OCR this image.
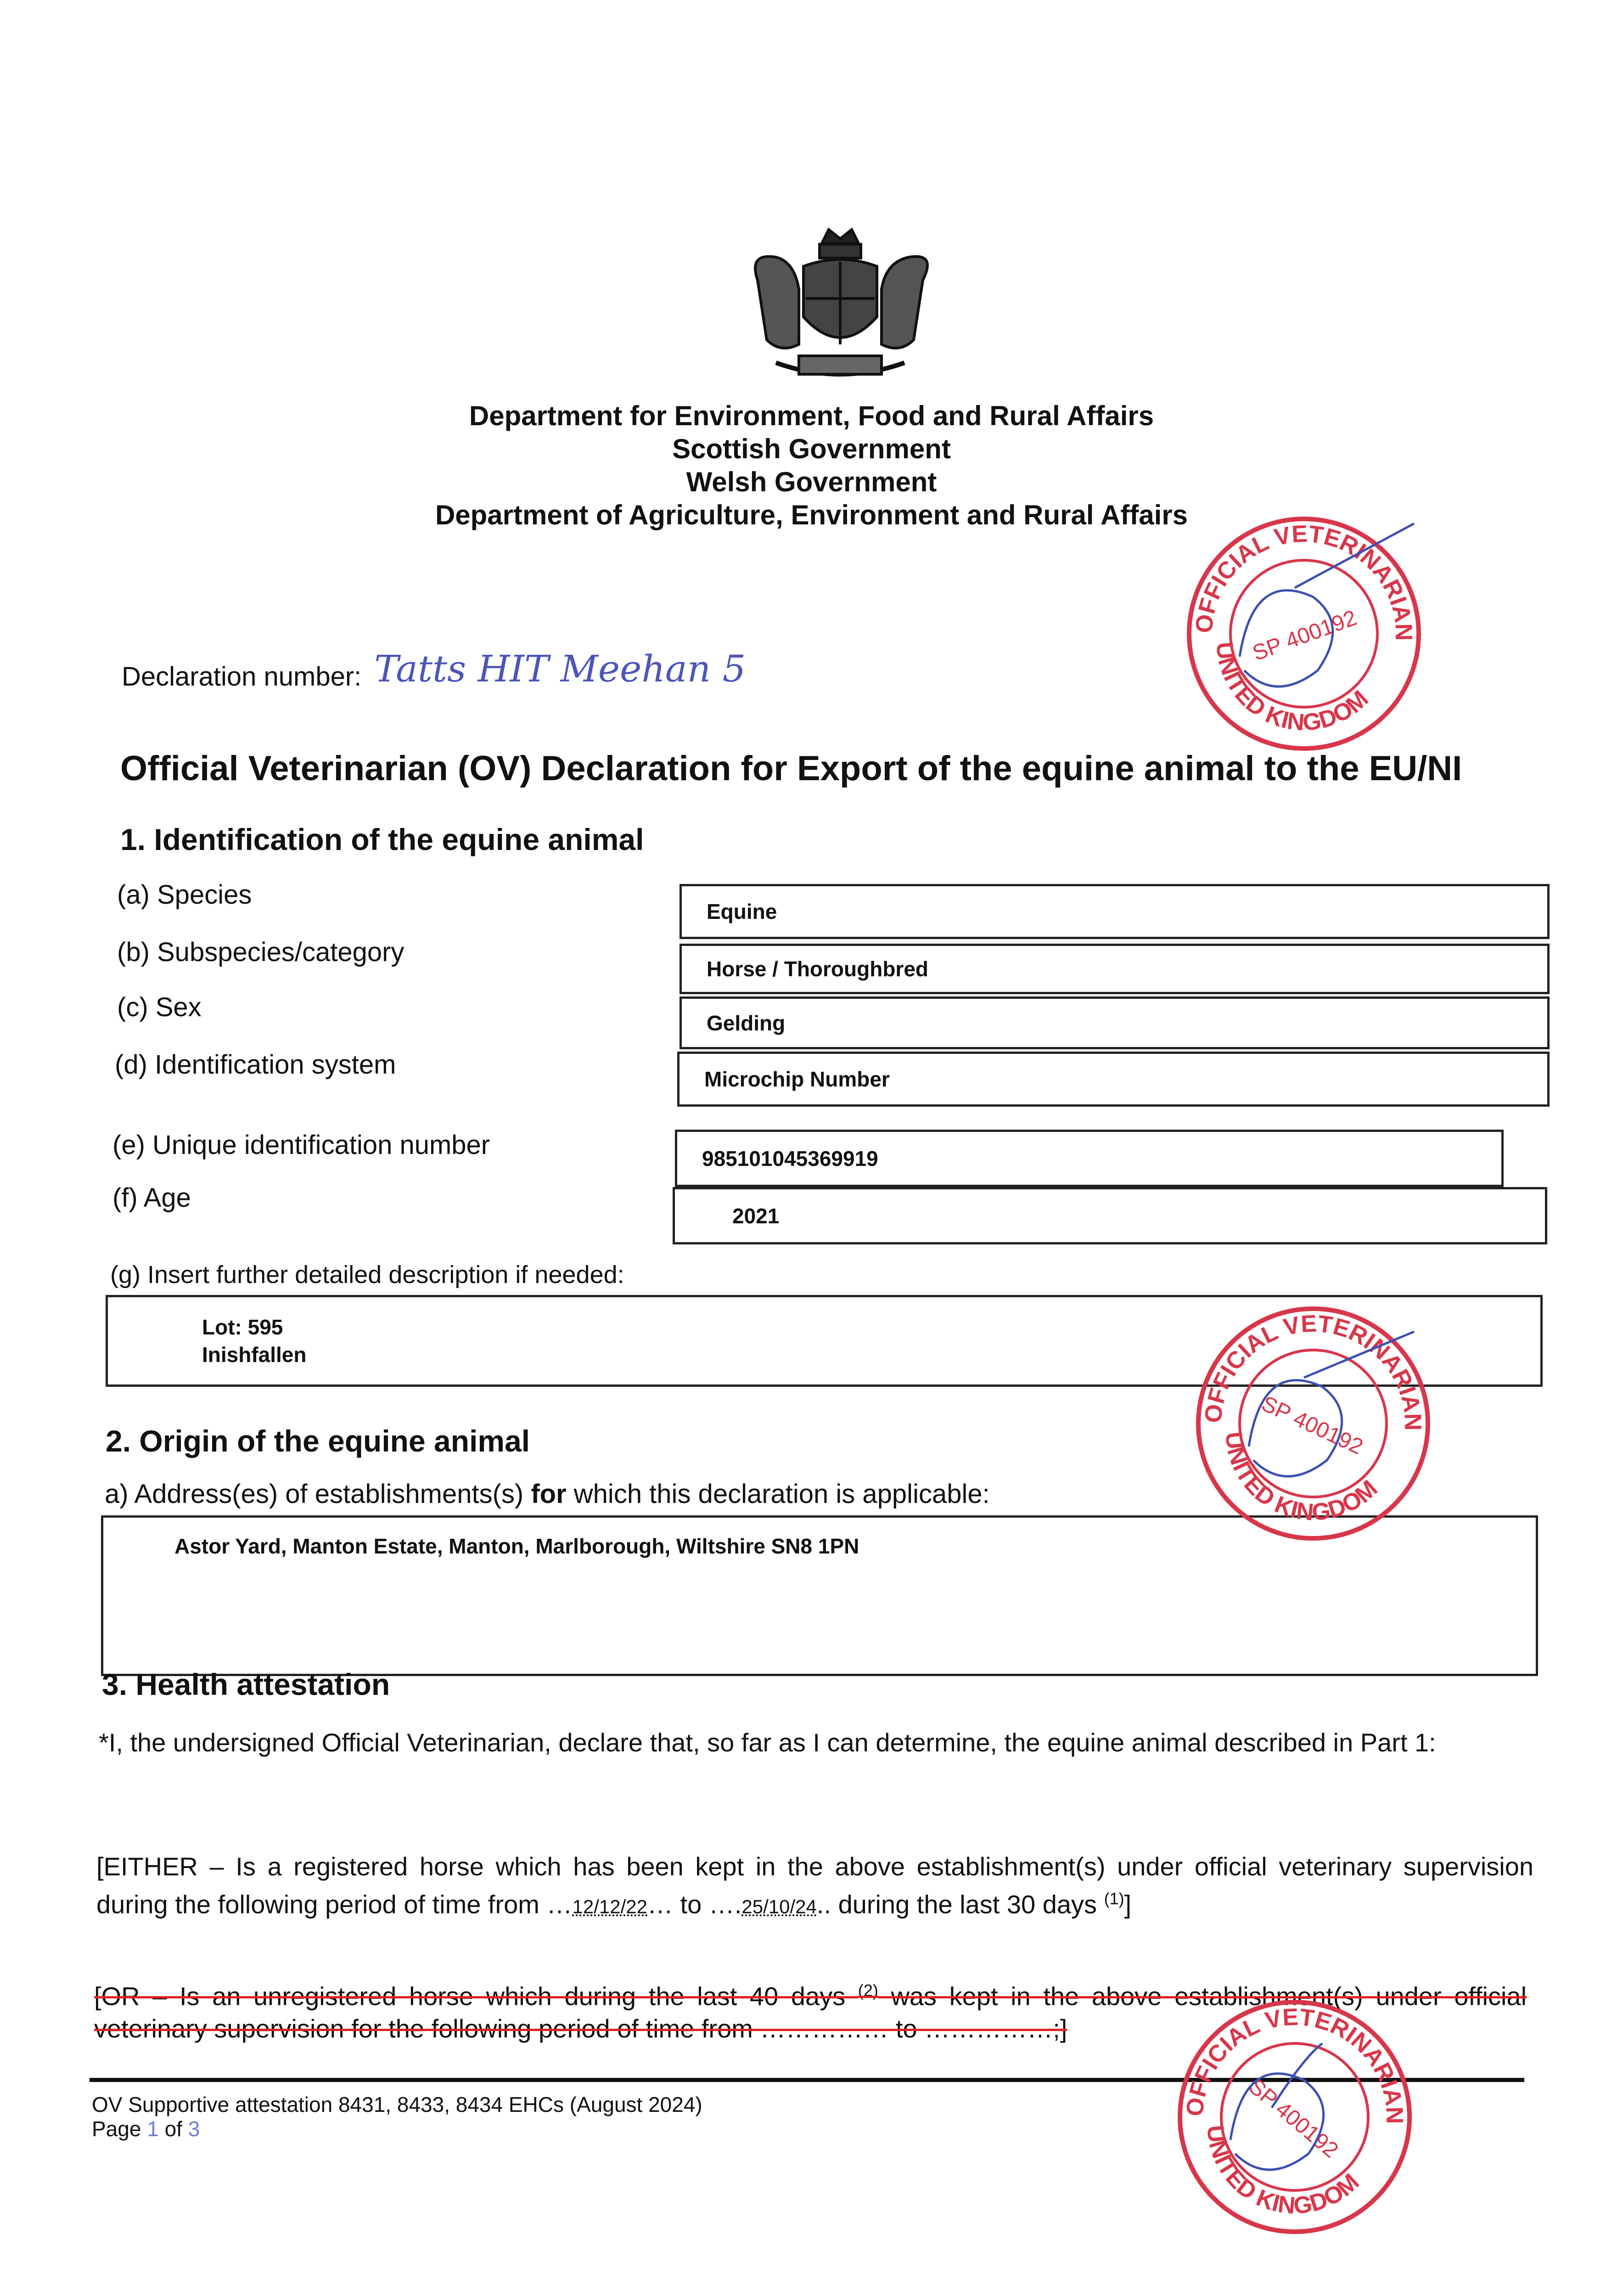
Department for Environment, Food and Rural Affairs
Scottish Government
Welsh Government
Department of Agriculture, Environment and Rural Affairs
Declaration number: Tatts HIT Meehan 5
Official Veterinarian (OV) Declaration for Export of the equine animal to the EU/NI
1. Identification of the equine animal
(a) Species
Equine
(b) Subspecies/category
Horse / Thoroughbred
(c) Sex
Gelding
(d) Identification system	Microchip Number
(e) Unique identification number	985101045369919
(f) Age
2021
(g) Insert further detailed description if needed:
Lot: 595
Inishfallen
2. Origin of the equine animal
a) Address(es) of establishments(s) for which this declaration is applicable:
Astor Yard, Manton Estate, Manton, Marlborough, Wiltshire SN8 1PN
3. Health attestation
*I, the undersigned Official Veterinarian, declare that, so far as I can determine, the equine animal described in Part 1:
[EITHER – Is a registered horse which has been kept in the above establishment(s) under official veterinary supervision during the following period of time from …12/12/22… to ….25/10/24.. during the last 30 days $^{(1)}$]
[OR – Is an unregistered horse which during the last 40 days $^{(2)}$ was kept in the above establishment(s) under official veterinary supervision for the following period of time from …………… to ……………;]
OV Supportive attestation 8431, 8433, 8434 EHCs (August 2024)
Page 1 of 3
OFFICIAL VETERINARIAN
UNITED KINGDOM
SP 400192
OFFICIAL VETERINARIAN
UNITED KINGDOM
SP 400192
OFFICIAL VETERINARIAN
UNITED KINGDOM
SP 400192
